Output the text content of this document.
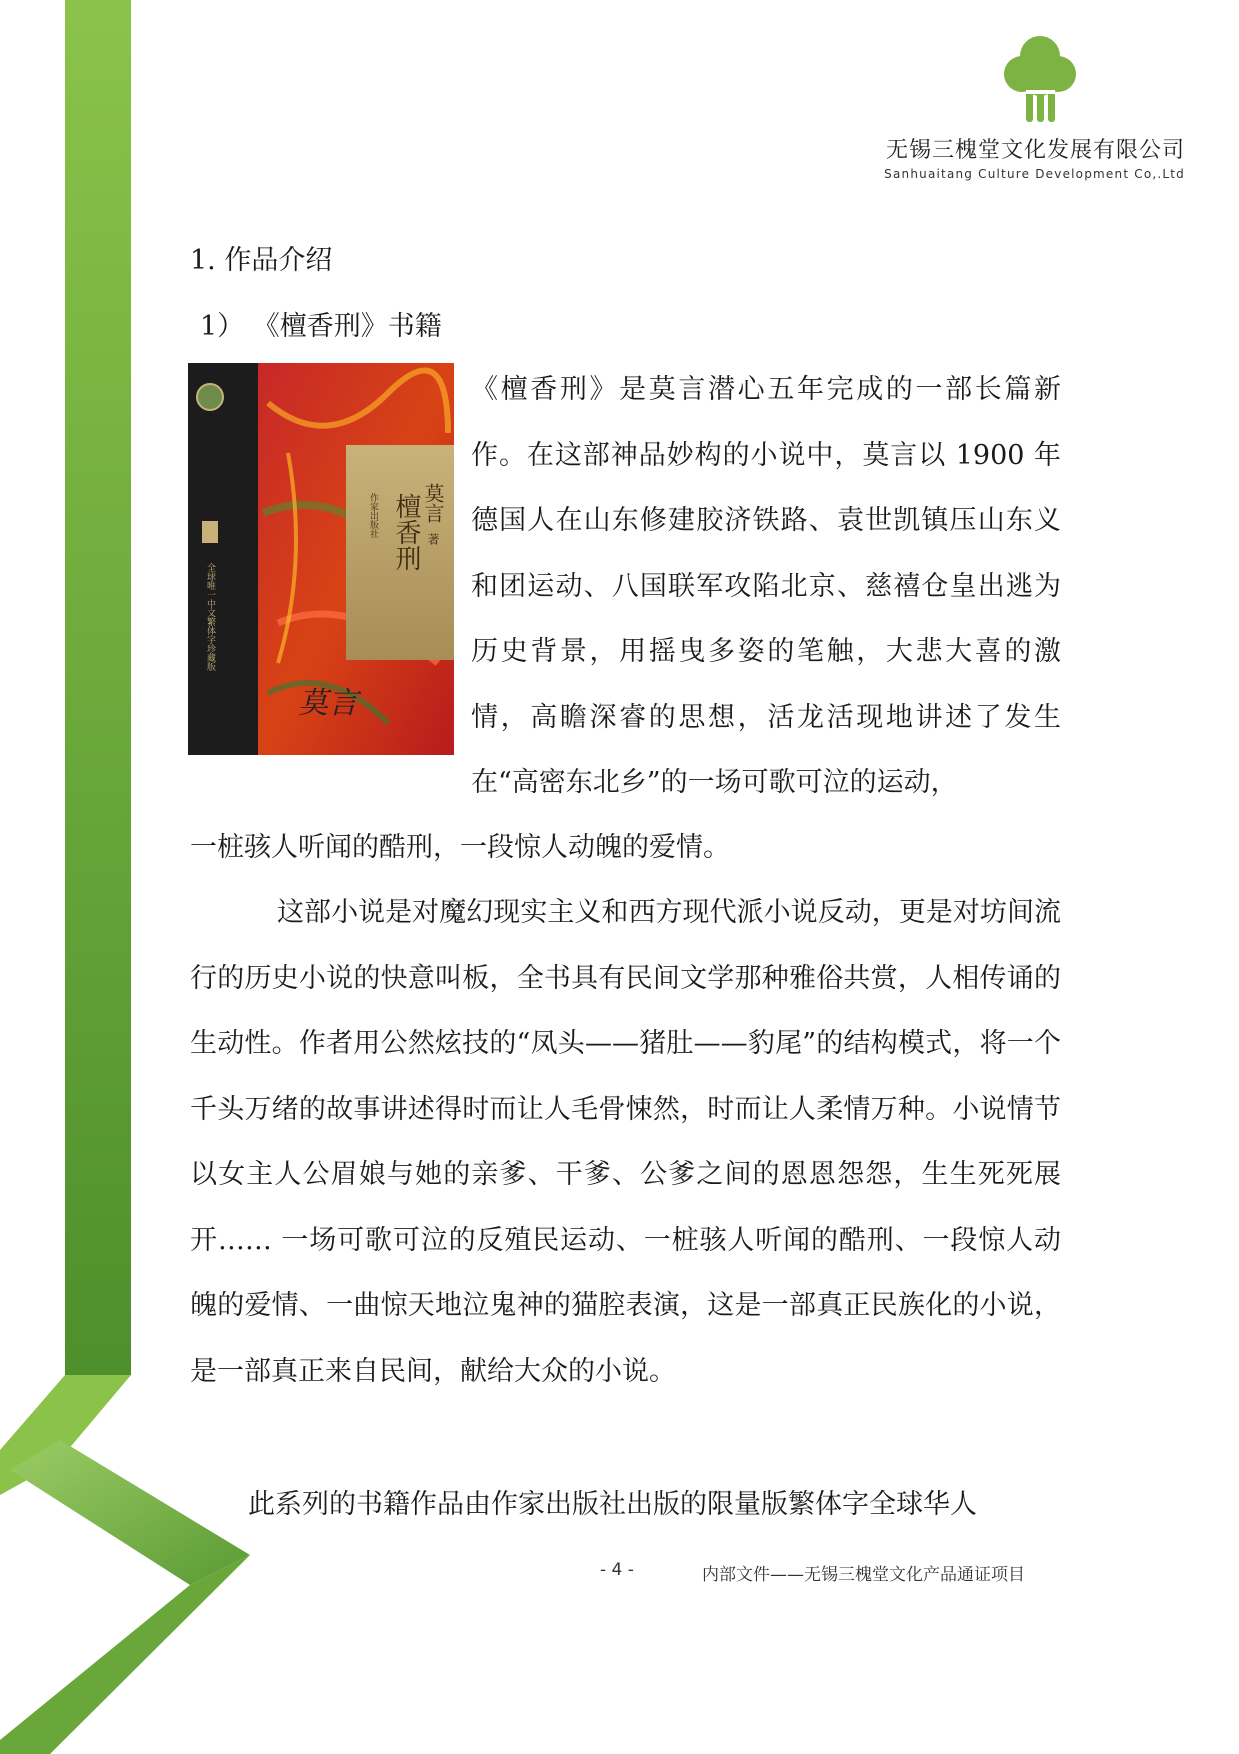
无锡三槐堂文化发展有限公司
Sanhuaitang Culture Development Co,.Ltd
1. 作品介绍
1） 《檀香刑》书籍
檀香刑 莫言
著
作家出版社
全球唯一中文繁体字珍藏版
莫言

《檀香刑》是莫言潜心五年完成的一部长篇新作。在这部神品妙构的小说中，莫言以 1900 年德国人在山东修建胶济铁路、袁世凯镇压山东义和团运动、八国联军攻陷北京、慈禧仓皇出逃为历史背景，用摇曳多姿的笔触，大悲大喜的激情，高瞻深睿的思想，活龙活现地讲述了发生在“高密东北乡”的一场可歌可泣的运动，

一桩骇人听闻的酷刑，一段惊人动魄的爱情。

这部小说是对魔幻现实主义和西方现代派小说反动，更是对坊间流行的历史小说的快意叫板，全书具有民间文学那种雅俗共赏，人相传诵的生动性。作者用公然炫技的“凤头——猪肚——豹尾”的结构模式，将一个千头万绪的故事讲述得时而让人毛骨悚然，时而让人柔情万种。小说情节以女主人公眉娘与她的亲爹、干爹、公爹之间的恩恩怨怨，生生死死展开…… 一场可歌可泣的反殖民运动、一桩骇人听闻的酷刑、一段惊人动魄的爱情、一曲惊天地泣鬼神的猫腔表演，这是一部真正民族化的小说，是一部真正来自民间，献给大众的小说。

此系列的书籍作品由作家出版社出版的限量版繁体字全球华人

- 4 -	内部文件——无锡三槐堂文化产品通证项目
